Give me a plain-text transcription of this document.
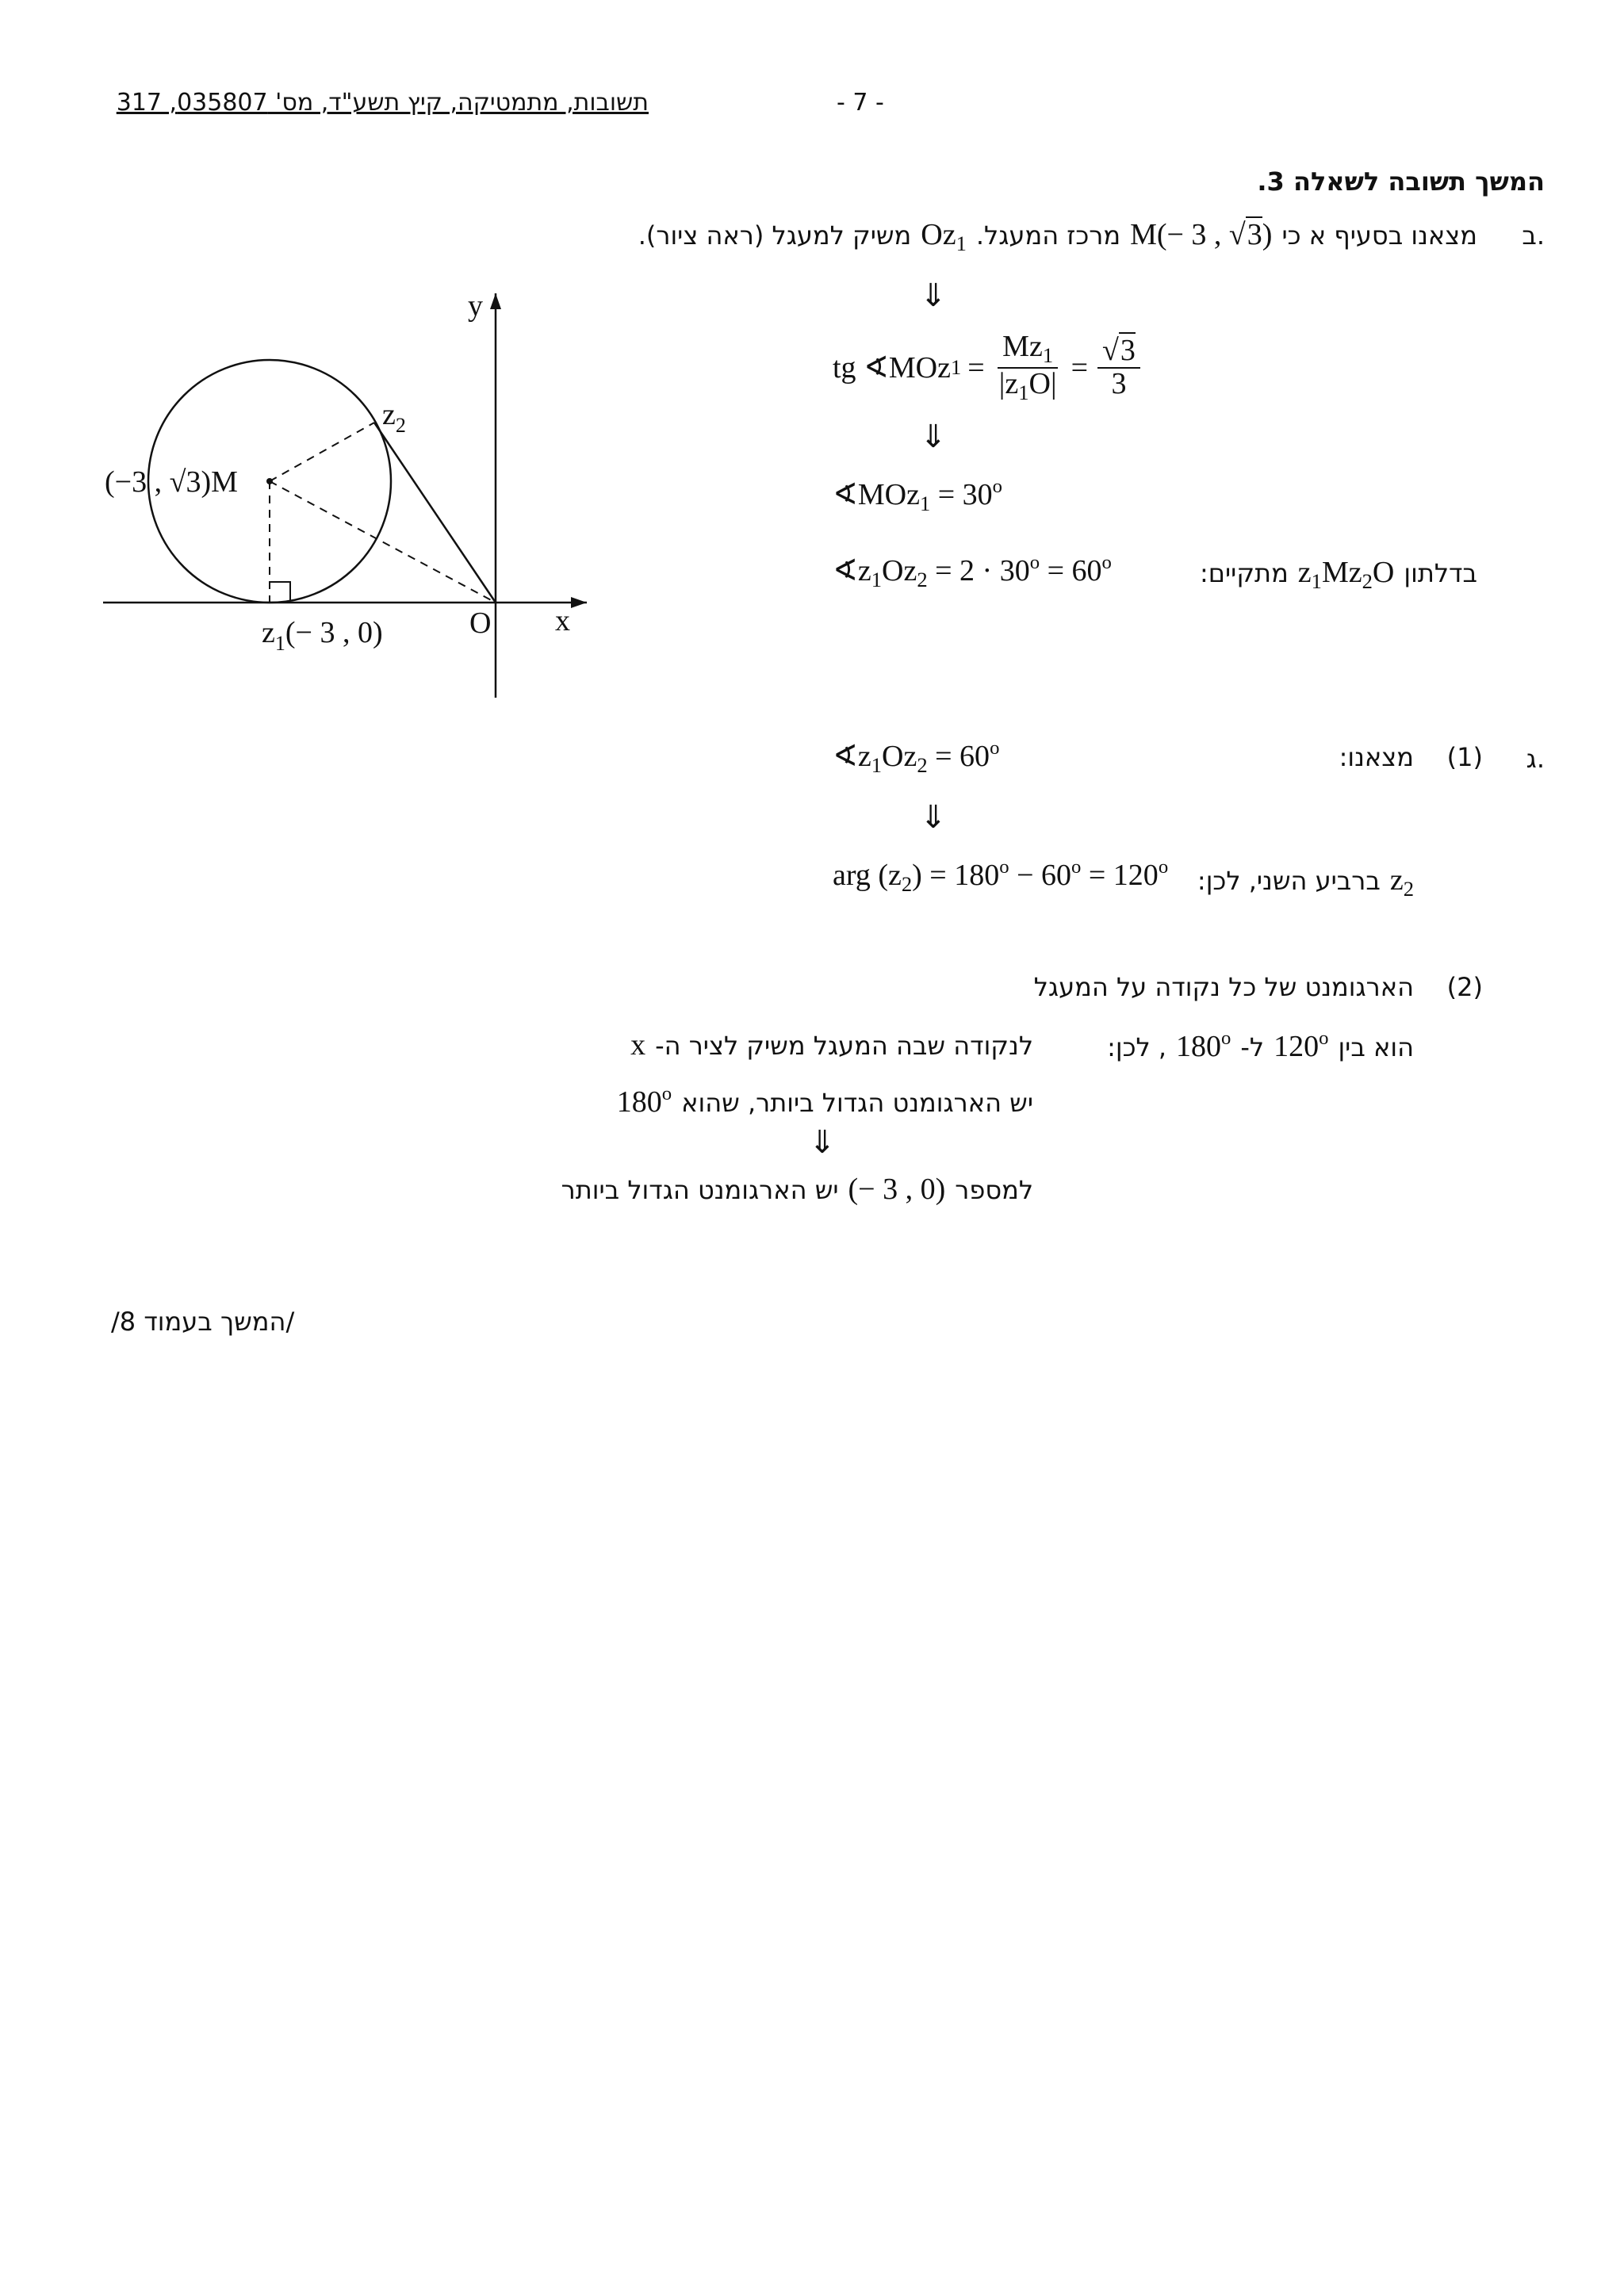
תשובות, מתמטיקה, קיץ תשע"ד, מס' 035807, 317	- 7 -
המשך תשובה לשאלה 3.
ב.
מצאנו בסעיף א כי
M(− 3 , √3)
מרכז המעגל.
$Oz_1$
משיק למעגל (ראה ציור).
⇓
tg ∢MOz $1 = \frac{Mz_1}{|z_1O|} = \frac{√3}{3}$
⇓
∢MOz$_1$ = $30^o$
בדלתון
$z_1Mz_2O$
מתקיים:
$∢z_1Oz_2 = 2 \cdot 30^o = 60^o$
y
x
O
$z_2$
(−3 , √3)M
$z_1(- 3$ , 0)
ג.
(1)
מצאנו:
$∢z_1Oz_2 = 60^o$
⇓
$z_2$
ברביע השני, לכן:
arg $(z_2) = 180^o - 60^o = 120^o$
(2)
הארגומנט של כל נקודה על המעגל
הוא בין
120$^o$
ל-
180$^o$
, לכן:
לנקודה שבה המעגל משיק לציר ה-
x
יש הארגומנט הגדול ביותר, שהוא
180$^o$
⇓
למספר
(− 3 , 0)
יש הארגומנט הגדול ביותר
/המשך בעמוד 8/
